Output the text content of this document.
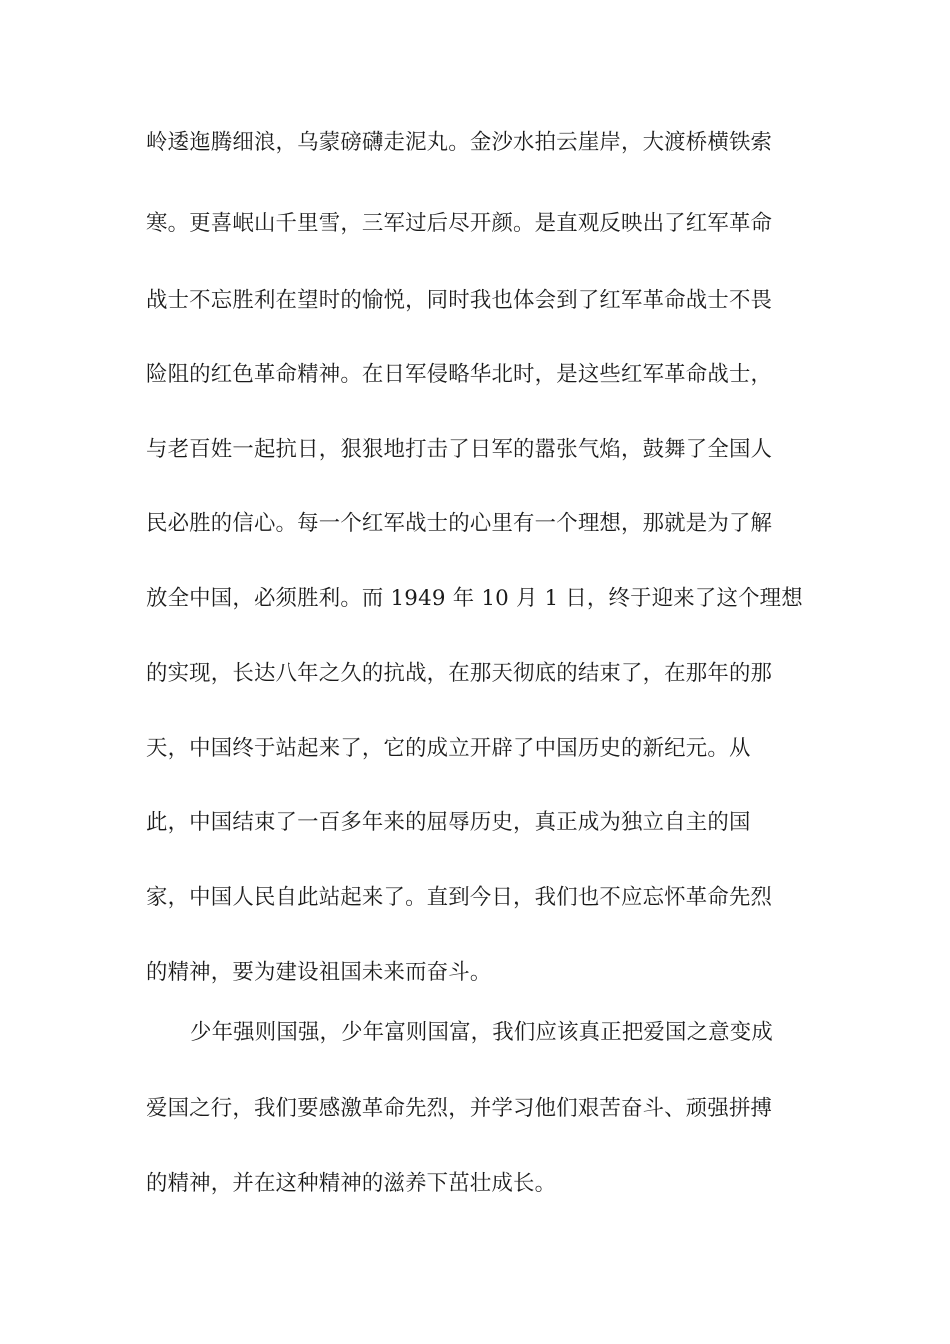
岭逶迤腾细浪，乌蒙磅礴走泥丸。金沙水拍云崖岸，大渡桥横铁索
寒。更喜岷山千里雪，三军过后尽开颜。是直观反映出了红军革命
战士不忘胜利在望时的愉悦，同时我也体会到了红军革命战士不畏
险阻的红色革命精神。在日军侵略华北时，是这些红军革命战士，
与老百姓一起抗日，狠狠地打击了日军的嚣张气焰，鼓舞了全国人
民必胜的信心。每一个红军战士的心里有一个理想，那就是为了解
放全中国，必须胜利。而 1949 年 10 月 1 日，终于迎来了这个理想
的实现，长达八年之久的抗战，在那天彻底的结束了，在那年的那
天，中国终于站起来了，它的成立开辟了中国历史的新纪元。从
此，中国结束了一百多年来的屈辱历史，真正成为独立自主的国
家，中国人民自此站起来了。直到今日，我们也不应忘怀革命先烈
的精神，要为建设祖国未来而奋斗。
少年强则国强，少年富则国富，我们应该真正把爱国之意变成
爱国之行，我们要感激革命先烈，并学习他们艰苦奋斗、顽强拼搏
的精神，并在这种精神的滋养下茁壮成长。
